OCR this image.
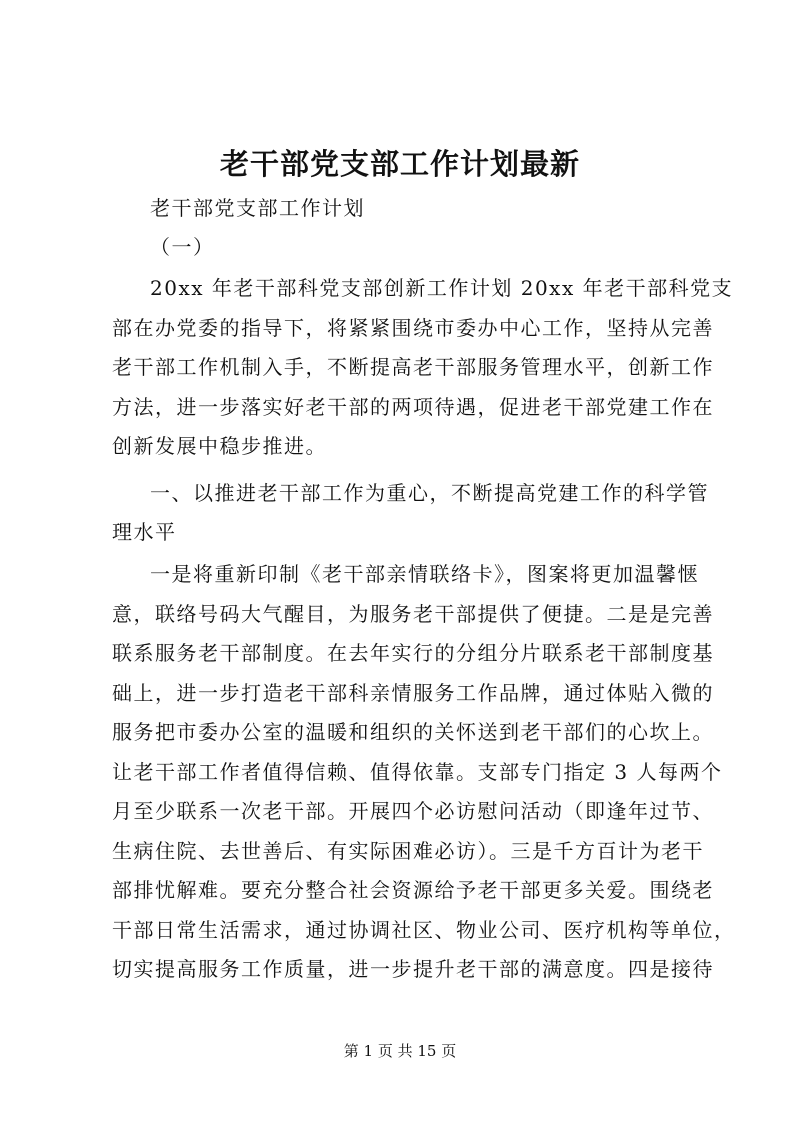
老干部党支部工作计划最新

老干部党支部工作计划

（一）

20xx 年老干部科党支部创新工作计划 20xx 年老干部科党支

部在办党委的指导下，将紧紧围绕市委办中心工作，坚持从完善

老干部工作机制入手，不断提高老干部服务管理水平，创新工作

方法，进一步落实好老干部的两项待遇，促进老干部党建工作在

创新发展中稳步推进。

一、以推进老干部工作为重心，不断提高党建工作的科学管

理水平

一是将重新印制《老干部亲情联络卡》，图案将更加温馨惬

意，联络号码大气醒目，为服务老干部提供了便捷。二是是完善

联系服务老干部制度。在去年实行的分组分片联系老干部制度基

础上，进一步打造老干部科亲情服务工作品牌，通过体贴入微的

服务把市委办公室的温暖和组织的关怀送到老干部们的心坎上。

让老干部工作者值得信赖、值得依靠。支部专门指定 3 人每两个

月至少联系一次老干部。开展四个必访慰问活动（即逢年过节、

生病住院、去世善后、有实际困难必访）。三是千方百计为老干

部排忧解难。要充分整合社会资源给予老干部更多关爱。围绕老

干部日常生活需求，通过协调社区、物业公司、医疗机构等单位，

切实提高服务工作质量，进一步提升老干部的满意度。四是接待

第 1 页 共 15 页
